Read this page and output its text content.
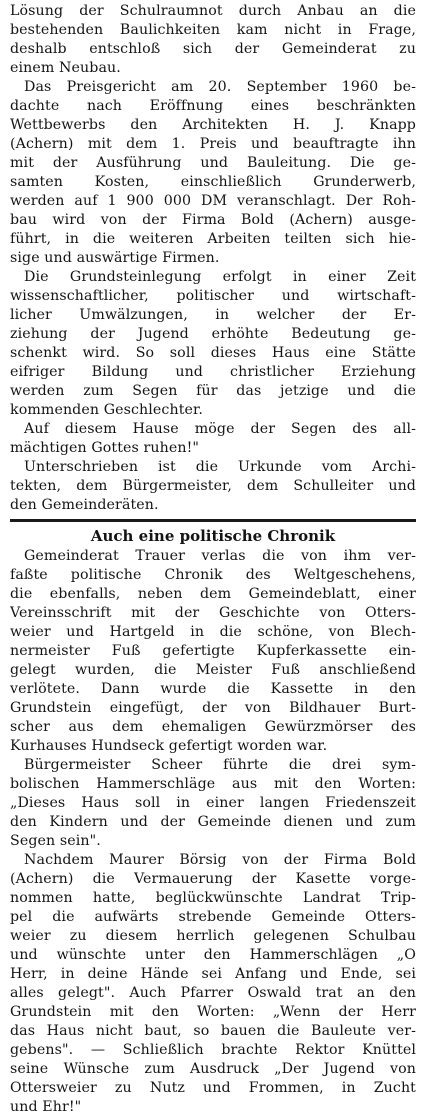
Lösung der Schulraumnot durch Anbau an die
bestehenden Baulichkeiten kam nicht in Frage,
deshalb entschloß sich der Gemeinderat zu
einem Neubau.
Das Preisgericht am 20. September 1960 be-
dachte nach Eröffnung eines beschränkten
Wettbewerbs den Architekten H. J. Knapp
(Achern) mit dem 1. Preis und beauftragte ihn
mit der Ausführung und Bauleitung. Die ge-
samten Kosten, einschließlich Grunderwerb,
werden auf 1 900 000 DM veranschlagt. Der Roh-
bau wird von der Firma Bold (Achern) ausge-
führt, in die weiteren Arbeiten teilten sich hie-
sige und auswärtige Firmen.
Die Grundsteinlegung erfolgt in einer Zeit
wissenschaftlicher, politischer und wirtschaft-
licher Umwälzungen, in welcher der Er-
ziehung der Jugend erhöhte Bedeutung ge-
schenkt wird. So soll dieses Haus eine Stätte
eifriger Bildung und christlicher Erziehung
werden zum Segen für das jetzige und die
kommenden Geschlechter.
Auf diesem Hause möge der Segen des all-
mächtigen Gottes ruhen!"
Unterschrieben ist die Urkunde vom Archi-
tekten, dem Bürgermeister, dem Schulleiter und
den Gemeinderäten.
Auch eine politische Chronik
Gemeinderat Trauer verlas die von ihm ver-
faßte politische Chronik des Weltgeschehens,
die ebenfalls, neben dem Gemeindeblatt, einer
Vereinsschrift mit der Geschichte von Otters-
weier und Hartgeld in die schöne, von Blech-
nermeister Fuß gefertigte Kupferkassette ein-
gelegt wurden, die Meister Fuß anschließend
verlötete. Dann wurde die Kassette in den
Grundstein eingefügt, der von Bildhauer Burt-
scher aus dem ehemaligen Gewürzmörser des
Kurhauses Hundseck gefertigt worden war.
Bürgermeister Scheer führte die drei sym-
bolischen Hammerschläge aus mit den Worten:
„Dieses Haus soll in einer langen Friedenszeit
den Kindern und der Gemeinde dienen und zum
Segen sein".
Nachdem Maurer Börsig von der Firma Bold
(Achern) die Vermauerung der Kasette vorge-
nommen hatte, beglückwünschte Landrat Trip-
pel die aufwärts strebende Gemeinde Otters-
weier zu diesem herrlich gelegenen Schulbau
und wünschte unter den Hammerschlägen „O
Herr, in deine Hände sei Anfang und Ende, sei
alles gelegt". Auch Pfarrer Oswald trat an den
Grundstein mit den Worten: „Wenn der Herr
das Haus nicht baut, so bauen die Bauleute ver-
gebens". — Schließlich brachte Rektor Knüttel
seine Wünsche zum Ausdruck „Der Jugend von
Ottersweier zu Nutz und Frommen, in Zucht
und Ehr!"
